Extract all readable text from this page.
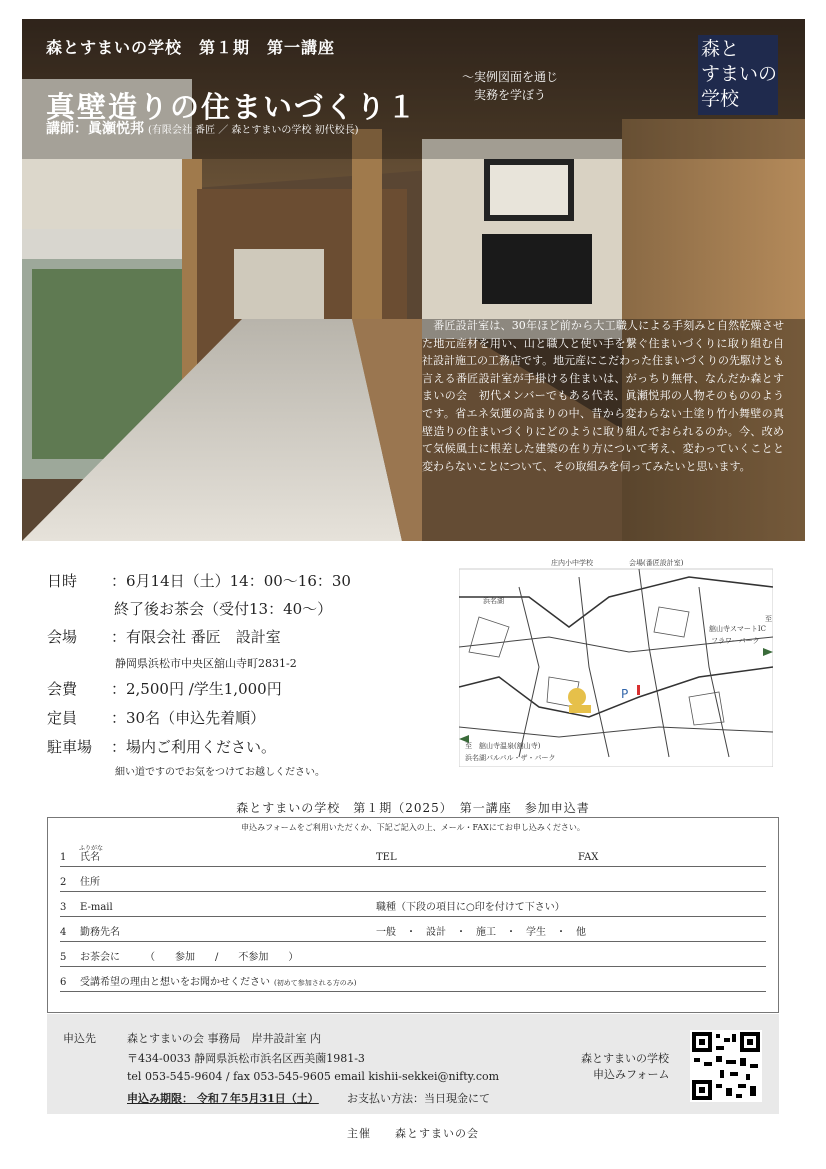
森とすまいの学校　第１期　第一講座
真壁造りの住まいづくり１
〜実例図面を通じ
実務を学ぼう
講師：眞瀬悦邦 (有限会社 番匠 ／ 森とすまいの学校 初代校長)
森と
すまいの
学校
　番匠設計室は、30年ほど前から大工職人による手刻みと自然乾燥させた地元産材を用い、山と職人と使い手を繋ぐ住まいづくりに取り組む自社設計施工の工務店です。地元産にこだわった住まいづくりの先駆けとも言える番匠設計室が手掛ける住まいは、がっちり無骨、なんだか森とすまいの会　初代メンバーでもある代表、眞瀬悦邦の人物そのもののようです。省エネ気運の高まりの中、昔から変わらない土塗り竹小舞壁の真壁造りの住まいづくりにどのように取り組んでおられるのか。今、改めて気候風土に根差した建築の在り方について考え、変わっていくことと変わらないことについて、その取組みを伺ってみたいと思います。
日時 ：6月14日（土）14：00〜16：30
終了後お茶会（受付13：40〜）
会場 ：有限会社 番匠　設計室
静岡県浜松市中央区舘山寺町2831-2
会費 ：2,500円 /学生1,000円
定員 ：30名（申込先着順）
駐車場 ：場内ご利用ください。
細い道ですのでお気をつけてお越しください。
P
庄内小中学校	会場(番匠設計室)
浜名湖
至
舘山寺スマートIC
フラワーパーク
至　舘山寺温泉(舘山寺)
浜名湖パルパル・ザ・パーク
森とすまいの学校　第１期（2025）　第一講座　参加申込書
申込みフォームをご利用いただくか、下記ご記入の上、メール・FAXにてお申し込みください。
ふりがな
1 氏名	TEL	FAX
2 住所
3 E-mail	職種（下段の項目に○印を付けて下さい）
4 勤務先名	一般　・　設計　・　施工　・　学生　・　他
5 お茶会に　　　（　　参加　　/　　不参加　　）
6 受講希望の理由と想いをお聞かせください (初めて参加される方のみ)
申込先	森とすまいの会 事務局　岸井設計室 内
〒434-0033 静岡県浜松市浜名区西美薗1981-3
tel 053-545-9604 / fax 053-545-9605 email kishii-sekkei@nifty.com
申込み期限： 令和７年5月31日（土）	お支払い方法：当日現金にて
森とすまいの学校
申込みフォーム
主催　　森とすまいの会
